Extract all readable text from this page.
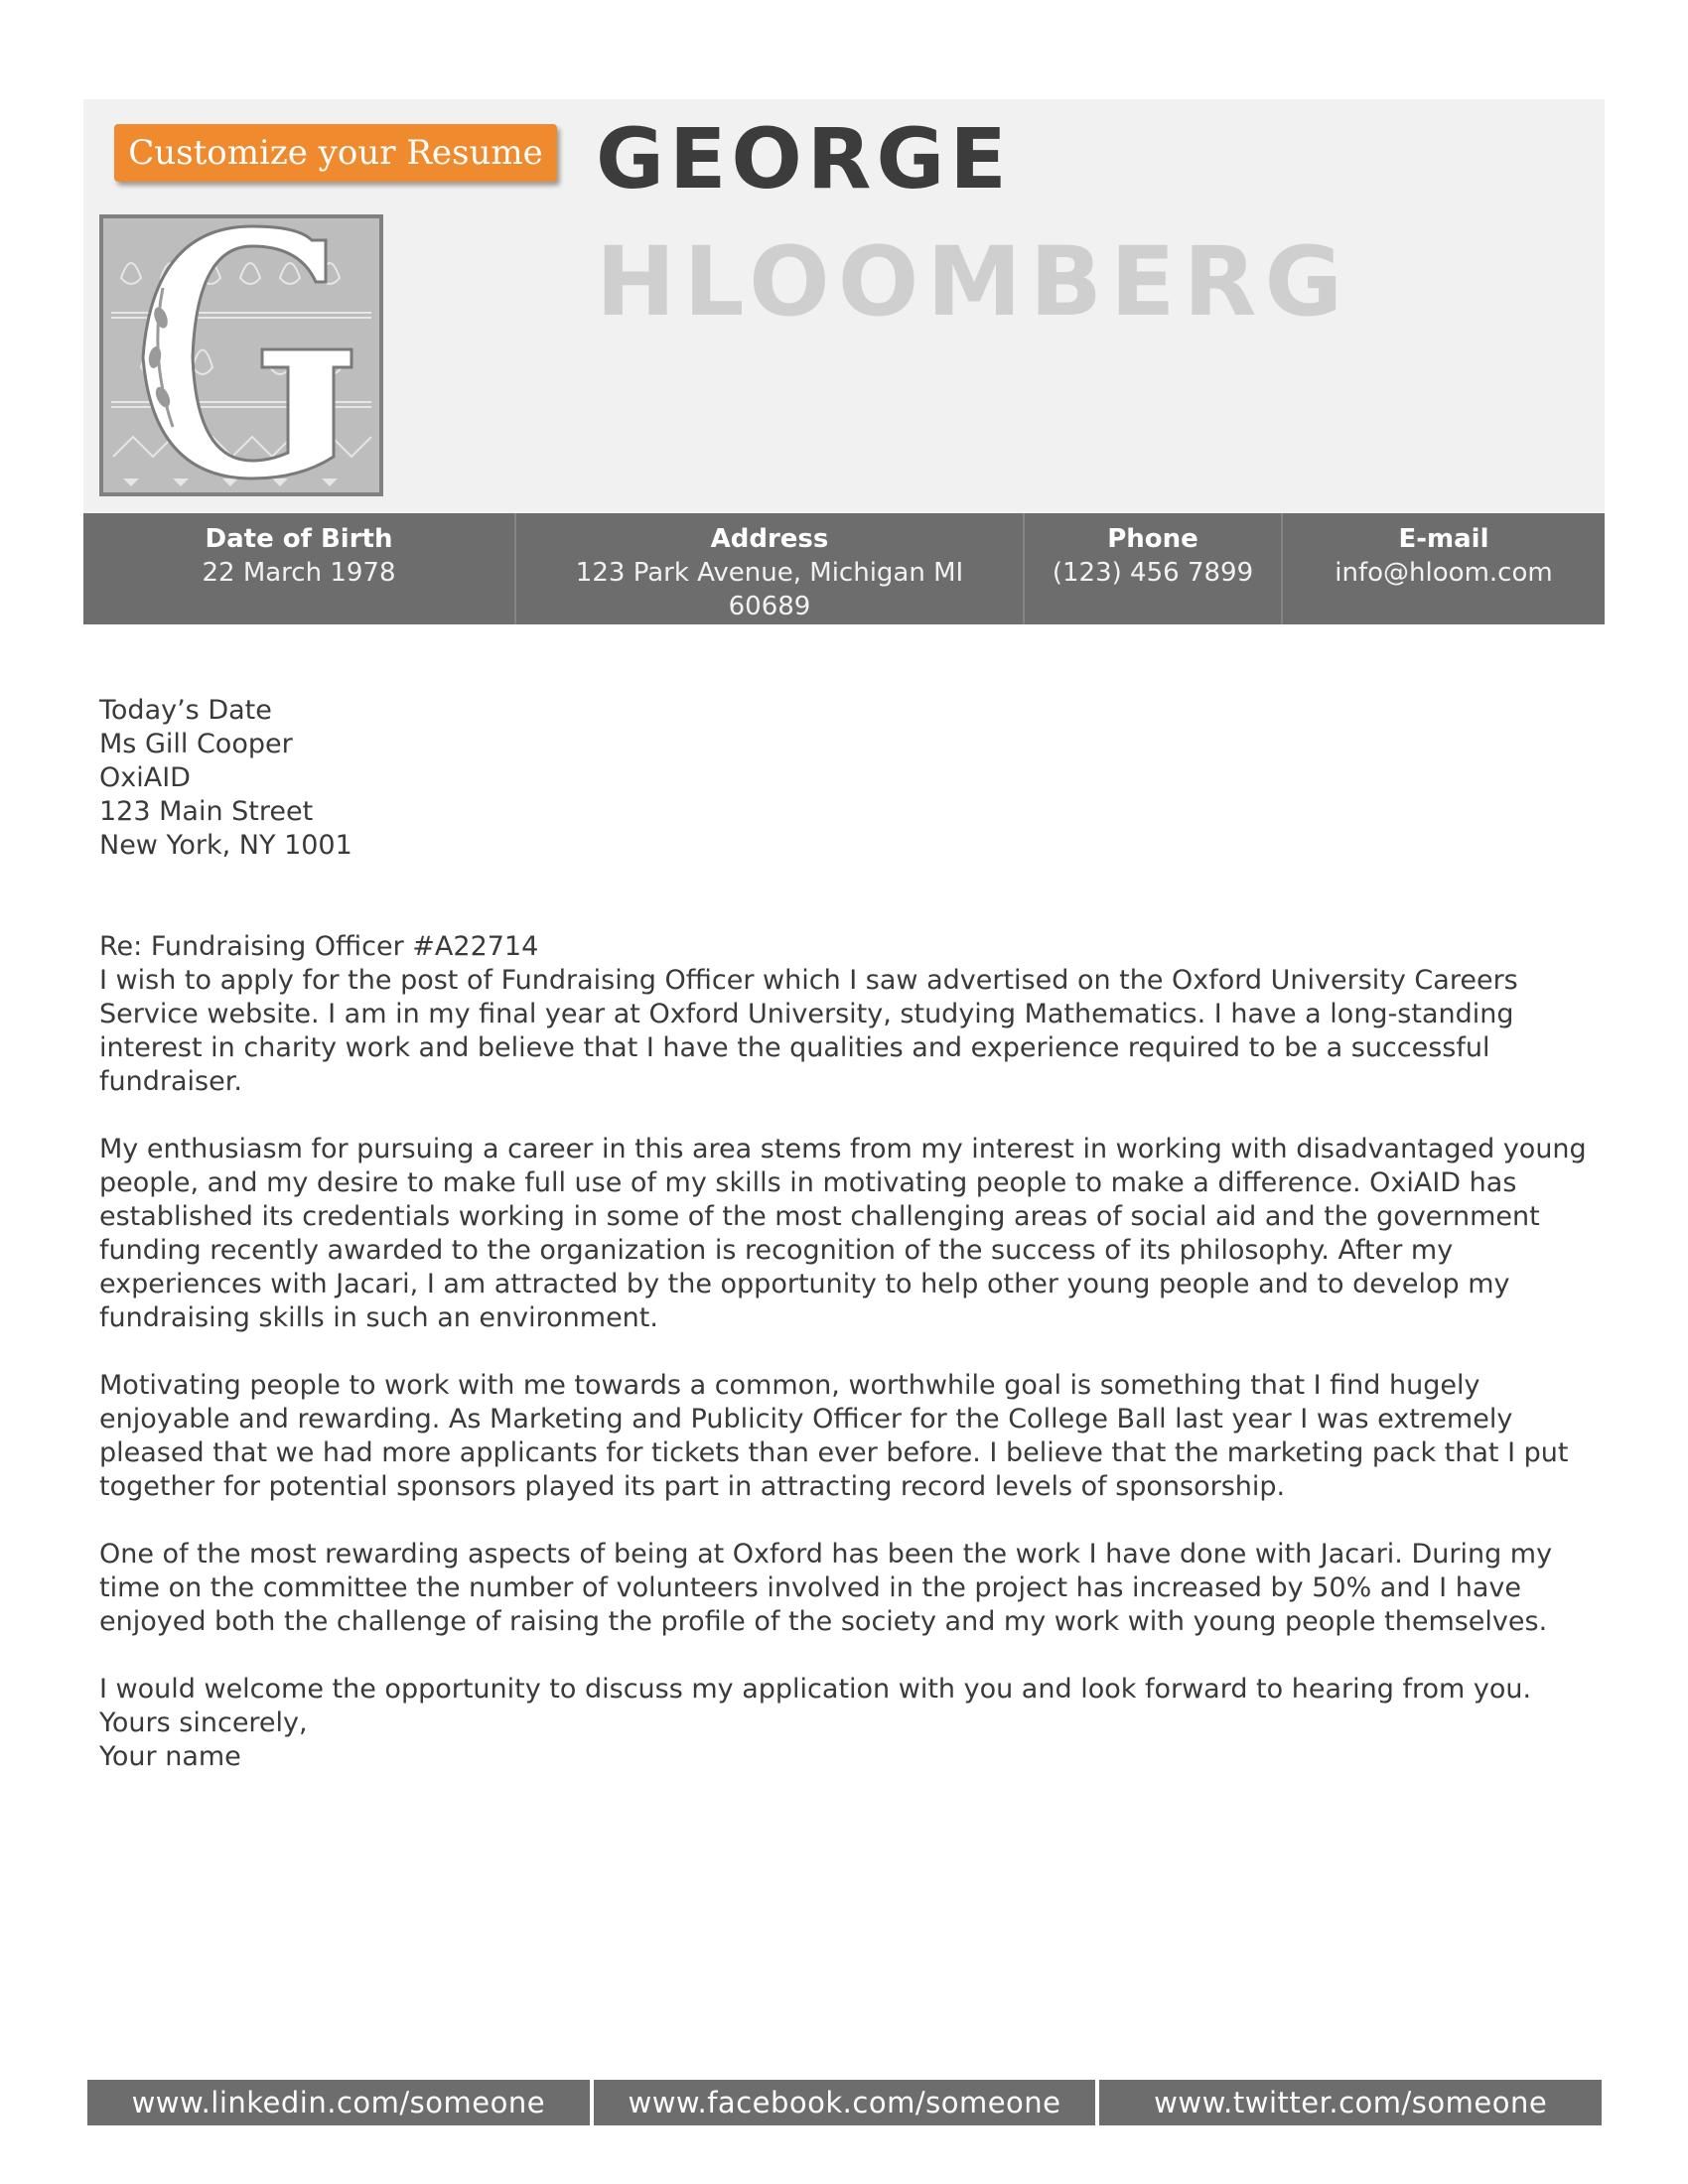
Customize your Resume GEORGE
HLOOMBERG
Date of Birth
22 March 1978
Address
123 Park Avenue, Michigan MI 60689
Phone
(123) 456 7899
E-mail
info@hloom.com

Today’s Date

Ms Gill Cooper

OxiAID

123 Main Street

New York, NY 1001

Re: Fundraising Officer #A22714

I wish to apply for the post of Fundraising Officer which I saw advertised on the Oxford University Careers Service website. I am in my final year at Oxford University, studying Mathematics. I have a long-standing interest in charity work and believe that I have the qualities and experience required to be a successful fundraiser.

My enthusiasm for pursuing a career in this area stems from my interest in working with disadvantaged young people, and my desire to make full use of my skills in motivating people to make a difference. OxiAID has established its credentials working in some of the most challenging areas of social aid and the government funding recently awarded to the organization is recognition of the success of its philosophy. After my experiences with Jacari, I am attracted by the opportunity to help other young people and to develop my fundraising skills in such an environment.

Motivating people to work with me towards a common, worthwhile goal is something that I find hugely enjoyable and rewarding. As Marketing and Publicity Officer for the College Ball last year I was extremely pleased that we had more applicants for tickets than ever before. I believe that the marketing pack that I put together for potential sponsors played its part in attracting record levels of sponsorship.

One of the most rewarding aspects of being at Oxford has been the work I have done with Jacari. During my time on the committee the number of volunteers involved in the project has increased by 50% and I have enjoyed both the challenge of raising the profile of the society and my work with young people themselves.

I would welcome the opportunity to discuss my application with you and look forward to hearing from you.

Yours sincerely,

Your name

www.linkedin.com/someone	www.facebook.com/someone	www.twitter.com/someone
